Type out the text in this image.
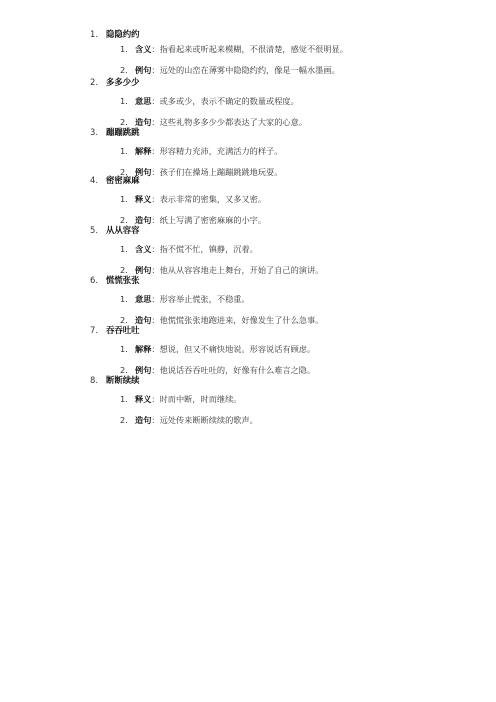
1. 隐隐约约
1. 含义 ：指看起来或听起来模糊，不很清楚，感觉不很明显。
2. 例句 ：远处的山峦在薄雾中隐隐约约，像是一幅水墨画。
2. 多多少少
1. 意思 ：或多或少，表示不确定的数量或程度。
2. 造句 ：这些礼物多多少少都表达了大家的心意。
3. 蹦蹦跳跳
1. 解释 ：形容精力充沛，充满活力的样子。
2. 例句 ：孩子们在操场上蹦蹦跳跳地玩耍。
4. 密密麻麻
1. 释义 ：表示非常的密集，又多又密。
2. 造句 ：纸上写满了密密麻麻的小字。
5. 从从容容
1. 含义 ：指不慌不忙，镇静，沉着。
2. 例句 ：他从从容容地走上舞台，开始了自己的演讲。
6. 慌慌张张
1. 意思 ：形容举止慌张，不稳重。
2. 造句 ：他慌慌张张地跑进来，好像发生了什么急事。
7. 吞吞吐吐
1. 解释 ：想说，但又不痛快地说。形容说话有顾虑。
2. 例句 ：他说话吞吞吐吐的，好像有什么难言之隐。
8. 断断续续
1. 释义 ：时而中断，时而继续。
2. 造句 ：远处传来断断续续的歌声。
